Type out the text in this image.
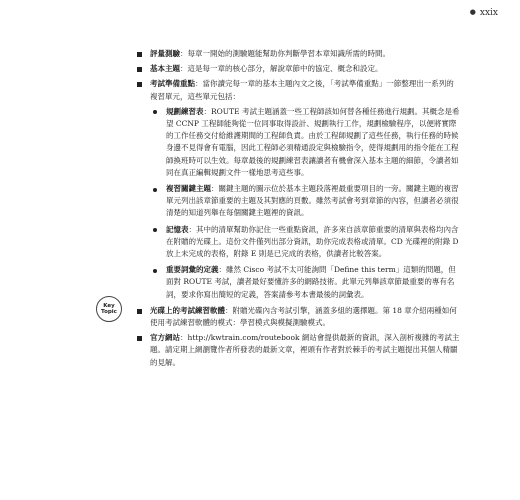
● xxix
Key
Topic
評量測驗：每章一開始的測驗題能幫助你判斷學習本章知識所需的時間。
基本主題：這是每一章的核心部分，解說章節中的協定、概念和設定。
考試準備重點：當你讀完每一章的基本主題內文之後，「考試準備重點」一節整理出一系列的複習單元，這些單元包括：
規劃練習表：ROUTE 考試主題涵蓋一些工程師該如何替各種任務進行規劃。其概念是希望 CCNP 工程師能夠從一位同事取得設計、規劃執行工作，規劃檢驗程序，以便將實際的工作任務交付給維護期間的工程師負責。由於工程師規劃了這些任務，執行任務的時候身邊不見得會有電腦，因此工程師必須精通設定與檢驗指令，使得規劃用的指令能在工程師換班時可以生效。每章最後的規劃練習表讓讀者有機會深入基本主題的細節，令讀者如同在真正編輯規劃文件一樣地思考這些事。
複習關鍵主題：關鍵主題的圖示位於基本主題段落裡最重要項目的一旁。關鍵主題的複習單元列出該章節重要的主題及其對應的頁數。雖然考試會考到章節的內容，但讀者必須很清楚的知道列舉在每個關鍵主題裡的資訊。
記憶表：其中的清單幫助你記住一些重點資訊，許多來自該章節重要的清單與表格均內含在附贈的光碟上。這份文件僅列出部分資訊，助你完成表格或清單。CD 光碟裡的附錄 D 放上未完成的表格，附錄 E 則是已完成的表格，供讀者比較答案。
重要詞彙的定義：雖然 Cisco 考試不太可能詢問「Define this term」這類的問題，但面對 ROUTE 考試，讀者最好要懂許多的網路技術。此單元列舉該章節最重要的專有名詞，要求你寫出簡短的定義，答案請參考本書最後的詞彙表。
光碟上的考試練習軟體：附贈光碟內含考試引擎，涵蓋多組的選擇題。第 18 章介紹兩種如何使用考試練習軟體的模式：學習模式與模擬測驗模式。
官方網站：http://kwtrain.com/routebook 網站會提供最新的資訊，深入剖析複雜的考試主題。請定期上網瀏覽作者所發表的最新文章，裡頭有作者對於棘手的考試主題提出其個人精闢的見解。
